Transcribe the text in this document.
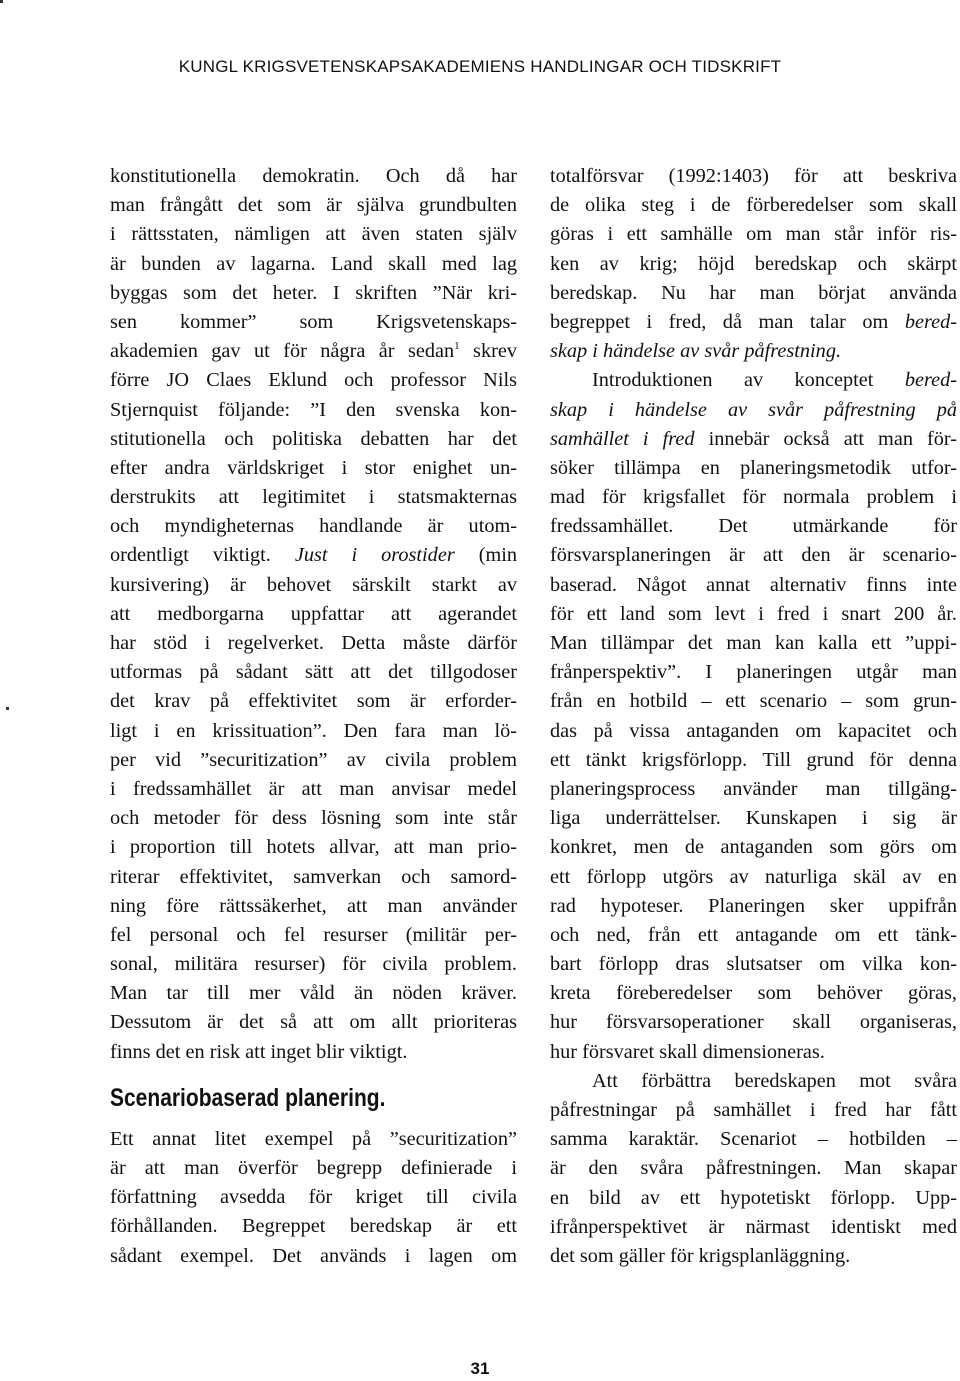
KUNGL KRIGSVETENSKAPSAKADEMIENS HANDLINGAR OCH TIDSKRIFT
konstitutionella demokratin. Och då har
man frångått det som är själva grundbulten
i rättsstaten, nämligen att även staten själv
är bunden av lagarna. Land skall med lag
byggas som det heter. I skriften ”När kri-
sen kommer” som Krigsvetenskaps-
akademien gav ut för några år sedan$^1$ skrev
förre JO Claes Eklund och professor Nils
Stjernquist följande: ”I den svenska kon-
stitutionella och politiska debatten har det
efter andra världskriget i stor enighet un-
derstrukits att legitimitet i statsmakternas
och myndigheternas handlande är utom-
ordentligt viktigt. Just i orostider (min
kursivering) är behovet särskilt starkt av
att medborgarna uppfattar att agerandet
har stöd i regelverket. Detta måste därför
utformas på sådant sätt att det tillgodoser
det krav på effektivitet som är erforder-
ligt i en krissituation”. Den fara man lö-
per vid ”securitization” av civila problem
i fredssamhället är att man anvisar medel
och metoder för dess lösning som inte står
i proportion till hotets allvar, att man prio-
riterar effektivitet, samverkan och samord-
ning före rättssäkerhet, att man använder
fel personal och fel resurser (militär per-
sonal, militära resurser) för civila problem.
Man tar till mer våld än nöden kräver.
Dessutom är det så att om allt prioriteras
finns det en risk att inget blir viktigt.
Scenariobaserad planering.
Ett annat litet exempel på ”securitization”
är att man överför begrepp definierade i
författning avsedda för kriget till civila
förhållanden. Begreppet beredskap är ett
sådant exempel. Det används i lagen om
totalförsvar (1992:1403) för att beskriva
de olika steg i de förberedelser som skall
göras i ett samhälle om man står inför ris-
ken av krig; höjd beredskap och skärpt
beredskap. Nu har man börjat använda
begreppet i fred, då man talar om bered-
skap i händelse av svår påfrestning.
Introduktionen av konceptet bered-
skap i händelse av svår påfrestning på
samhället i fred innebär också att man för-
söker tillämpa en planeringsmetodik utfor-
mad för krigsfallet för normala problem i
fredssamhället. Det utmärkande för
försvarsplaneringen är att den är scenario-
baserad. Något annat alternativ finns inte
för ett land som levt i fred i snart 200 år.
Man tillämpar det man kan kalla ett ”uppi-
frånperspektiv”. I planeringen utgår man
från en hotbild – ett scenario – som grun-
das på vissa antaganden om kapacitet och
ett tänkt krigsförlopp. Till grund för denna
planeringsprocess använder man tillgäng-
liga underrättelser. Kunskapen i sig är
konkret, men de antaganden som görs om
ett förlopp utgörs av naturliga skäl av en
rad hypoteser. Planeringen sker uppifrån
och ned, från ett antagande om ett tänk-
bart förlopp dras slutsatser om vilka kon-
kreta föreberedelser som behöver göras,
hur försvarsoperationer skall organiseras,
hur försvaret skall dimensioneras.
Att förbättra beredskapen mot svåra
påfrestningar på samhället i fred har fått
samma karaktär. Scenariot – hotbilden –
är den svåra påfrestningen. Man skapar
en bild av ett hypotetiskt förlopp. Upp-
ifrånperspektivet är närmast identiskt med
det som gäller för krigsplanläggning.
31
